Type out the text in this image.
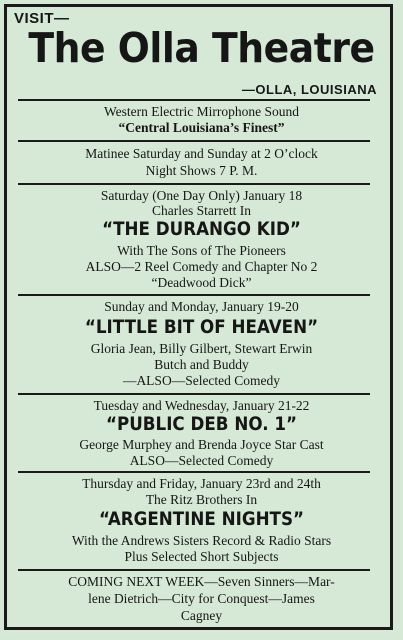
VISIT—
The Olla Theatre
—OLLA, LOUISIANA
Western Electric Mirrophone Sound
“Central Louisiana’s Finest”
Matinee Saturday and Sunday at 2 O’clock
Night Shows 7 P. M.
Saturday (One Day Only) January 18
Charles Starrett In
“THE DURANGO KID”
With The Sons of The Pioneers
ALSO—2 Reel Comedy and Chapter No 2
“Deadwood Dick”
Sunday and Monday, January 19-20
“LITTLE BIT OF HEAVEN”
Gloria Jean, Billy Gilbert, Stewart Erwin
Butch and Buddy
—ALSO—Selected Comedy
Tuesday and Wednesday, January 21-22
“PUBLIC DEB NO. 1”
George Murphey and Brenda Joyce Star Cast
ALSO—Selected Comedy
Thursday and Friday, January 23rd and 24th
The Ritz Brothers In
“ARGENTINE NIGHTS”
With the Andrews Sisters Record & Radio Stars
Plus Selected Short Subjects
COMING NEXT WEEK—Seven Sinners—Mar-
lene Dietrich—City for Conquest—James
Cagney
